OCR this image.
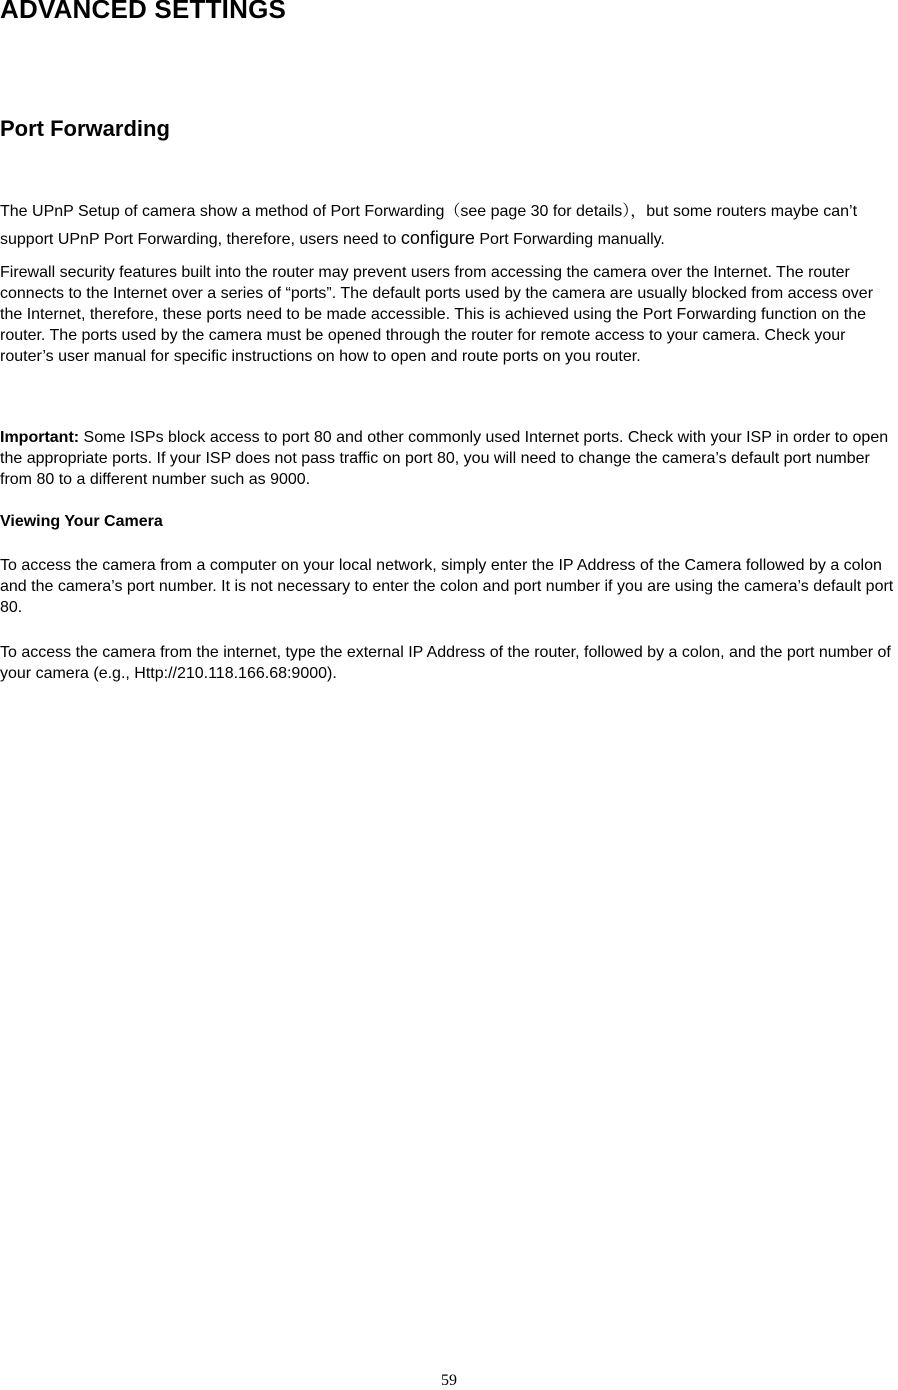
ADVANCED SETTINGS
Port Forwarding

The UPnP Setup of camera show a method of Port Forwarding（see page 30 for details），but some routers maybe can’t support UPnP Port Forwarding, therefore, users need to configure Port Forwarding manually.

Firewall security features built into the router may prevent users from accessing the camera over the Internet. The router connects to the Internet over a series of “ports”. The default ports used by the camera are usually blocked from access over the Internet, therefore, these ports need to be made accessible. This is achieved using the Port Forwarding function on the router. The ports used by the camera must be opened through the router for remote access to your camera. Check your router’s user manual for specific instructions on how to open and route ports on you router.

Important: Some ISPs block access to port 80 and other commonly used Internet ports. Check with your ISP in order to open the appropriate ports. If your ISP does not pass traffic on port 80, you will need to change the camera’s default port number from 80 to a different number such as 9000.

Viewing Your Camera

To access the camera from a computer on your local network, simply enter the IP Address of the Camera followed by a colon and the camera’s port number. It is not necessary to enter the colon and port number if you are using the camera’s default port 80.

To access the camera from the internet, type the external IP Address of the router, followed by a colon, and the port number of your camera (e.g., Http://210.118.166.68:9000).

59
